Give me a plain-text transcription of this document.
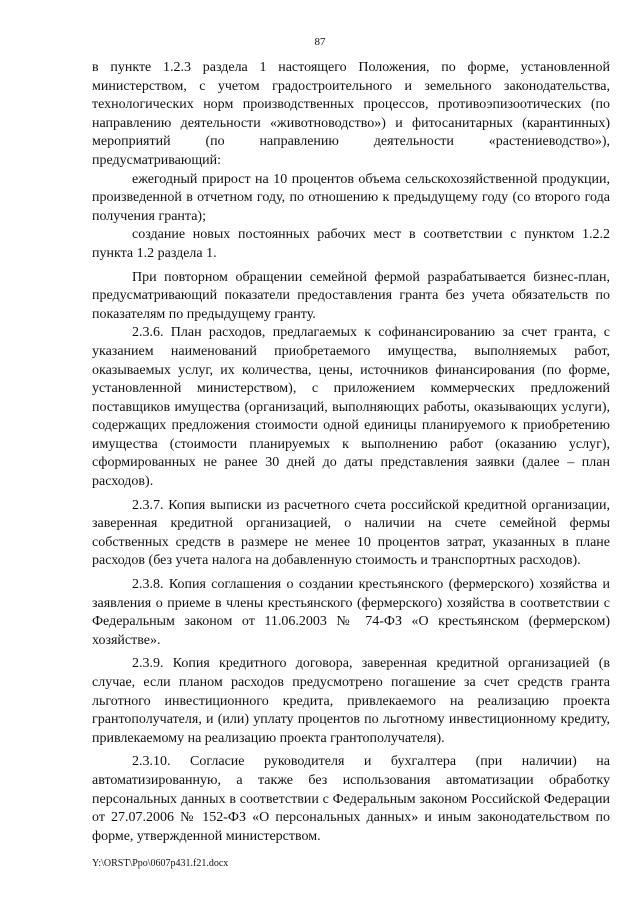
87

в пункте 1.2.3 раздела 1 настоящего Положения, по форме, установленной министерством, с учетом градостроительного и земельного законодательства, технологических норм производственных процессов, противоэпизоотических (по направлению деятельности «животноводство») и фитосанитарных (карантинных) мероприятий (по направлению деятельности «растениеводство»), предусматривающий:

ежегодный прирост на 10 процентов объема сельскохозяйственной продукции, произведенной в отчетном году, по отношению к предыдущему году (со второго года получения гранта);

создание новых постоянных рабочих мест в соответствии с пунктом 1.2.2 пункта 1.2 раздела 1.

При повторном обращении семейной фермой разрабатывается бизнес-план, предусматривающий показатели предоставления гранта без учета обязательств по показателям по предыдущему гранту.

2.3.6. План расходов, предлагаемых к софинансированию за счет гранта, с указанием наименований приобретаемого имущества, выполняемых работ, оказываемых услуг, их количества, цены, источников финансирования (по форме, установленной министерством), с приложением коммерческих предложений поставщиков имущества (организаций, выполняющих работы, оказывающих услуги), содержащих предложения стоимости одной единицы планируемого к приобретению имущества (стоимости планируемых к выполнению работ (оказанию услуг), сформированных не ранее 30 дней до даты представления заявки (далее – план расходов).

2.3.7. Копия выписки из расчетного счета российской кредитной организации, заверенная кредитной организацией, о наличии на счете семейной фермы собственных средств в размере не менее 10 процентов затрат, указанных в плане расходов (без учета налога на добавленную стоимость и транспортных расходов).

2.3.8. Копия соглашения о создании крестьянского (фермерского) хозяйства и заявления о приеме в члены крестьянского (фермерского) хозяйства в соответствии с Федеральным законом от 11.06.2003 № 74-ФЗ «О крестьянском (фермерском) хозяйстве».

2.3.9. Копия кредитного договора, заверенная кредитной организацией (в случае, если планом расходов предусмотрено погашение за счет средств гранта льготного инвестиционного кредита, привлекаемого на реализацию проекта грантополучателя, и (или) уплату процентов по льготному инвестиционному кредиту, привлекаемому на реализацию проекта грантополучателя).

2.3.10. Согласие руководителя и бухгалтера (при наличии) на автоматизированную, а также без использования автоматизации обработку персональных данных в соответствии с Федеральным законом Российской Федерации от 27.07.2006 № 152-ФЗ «О персональных данных» и иным законодательством по форме, утвержденной министерством.

Y:\ORST\Ppo\0607p431.f21.docx
